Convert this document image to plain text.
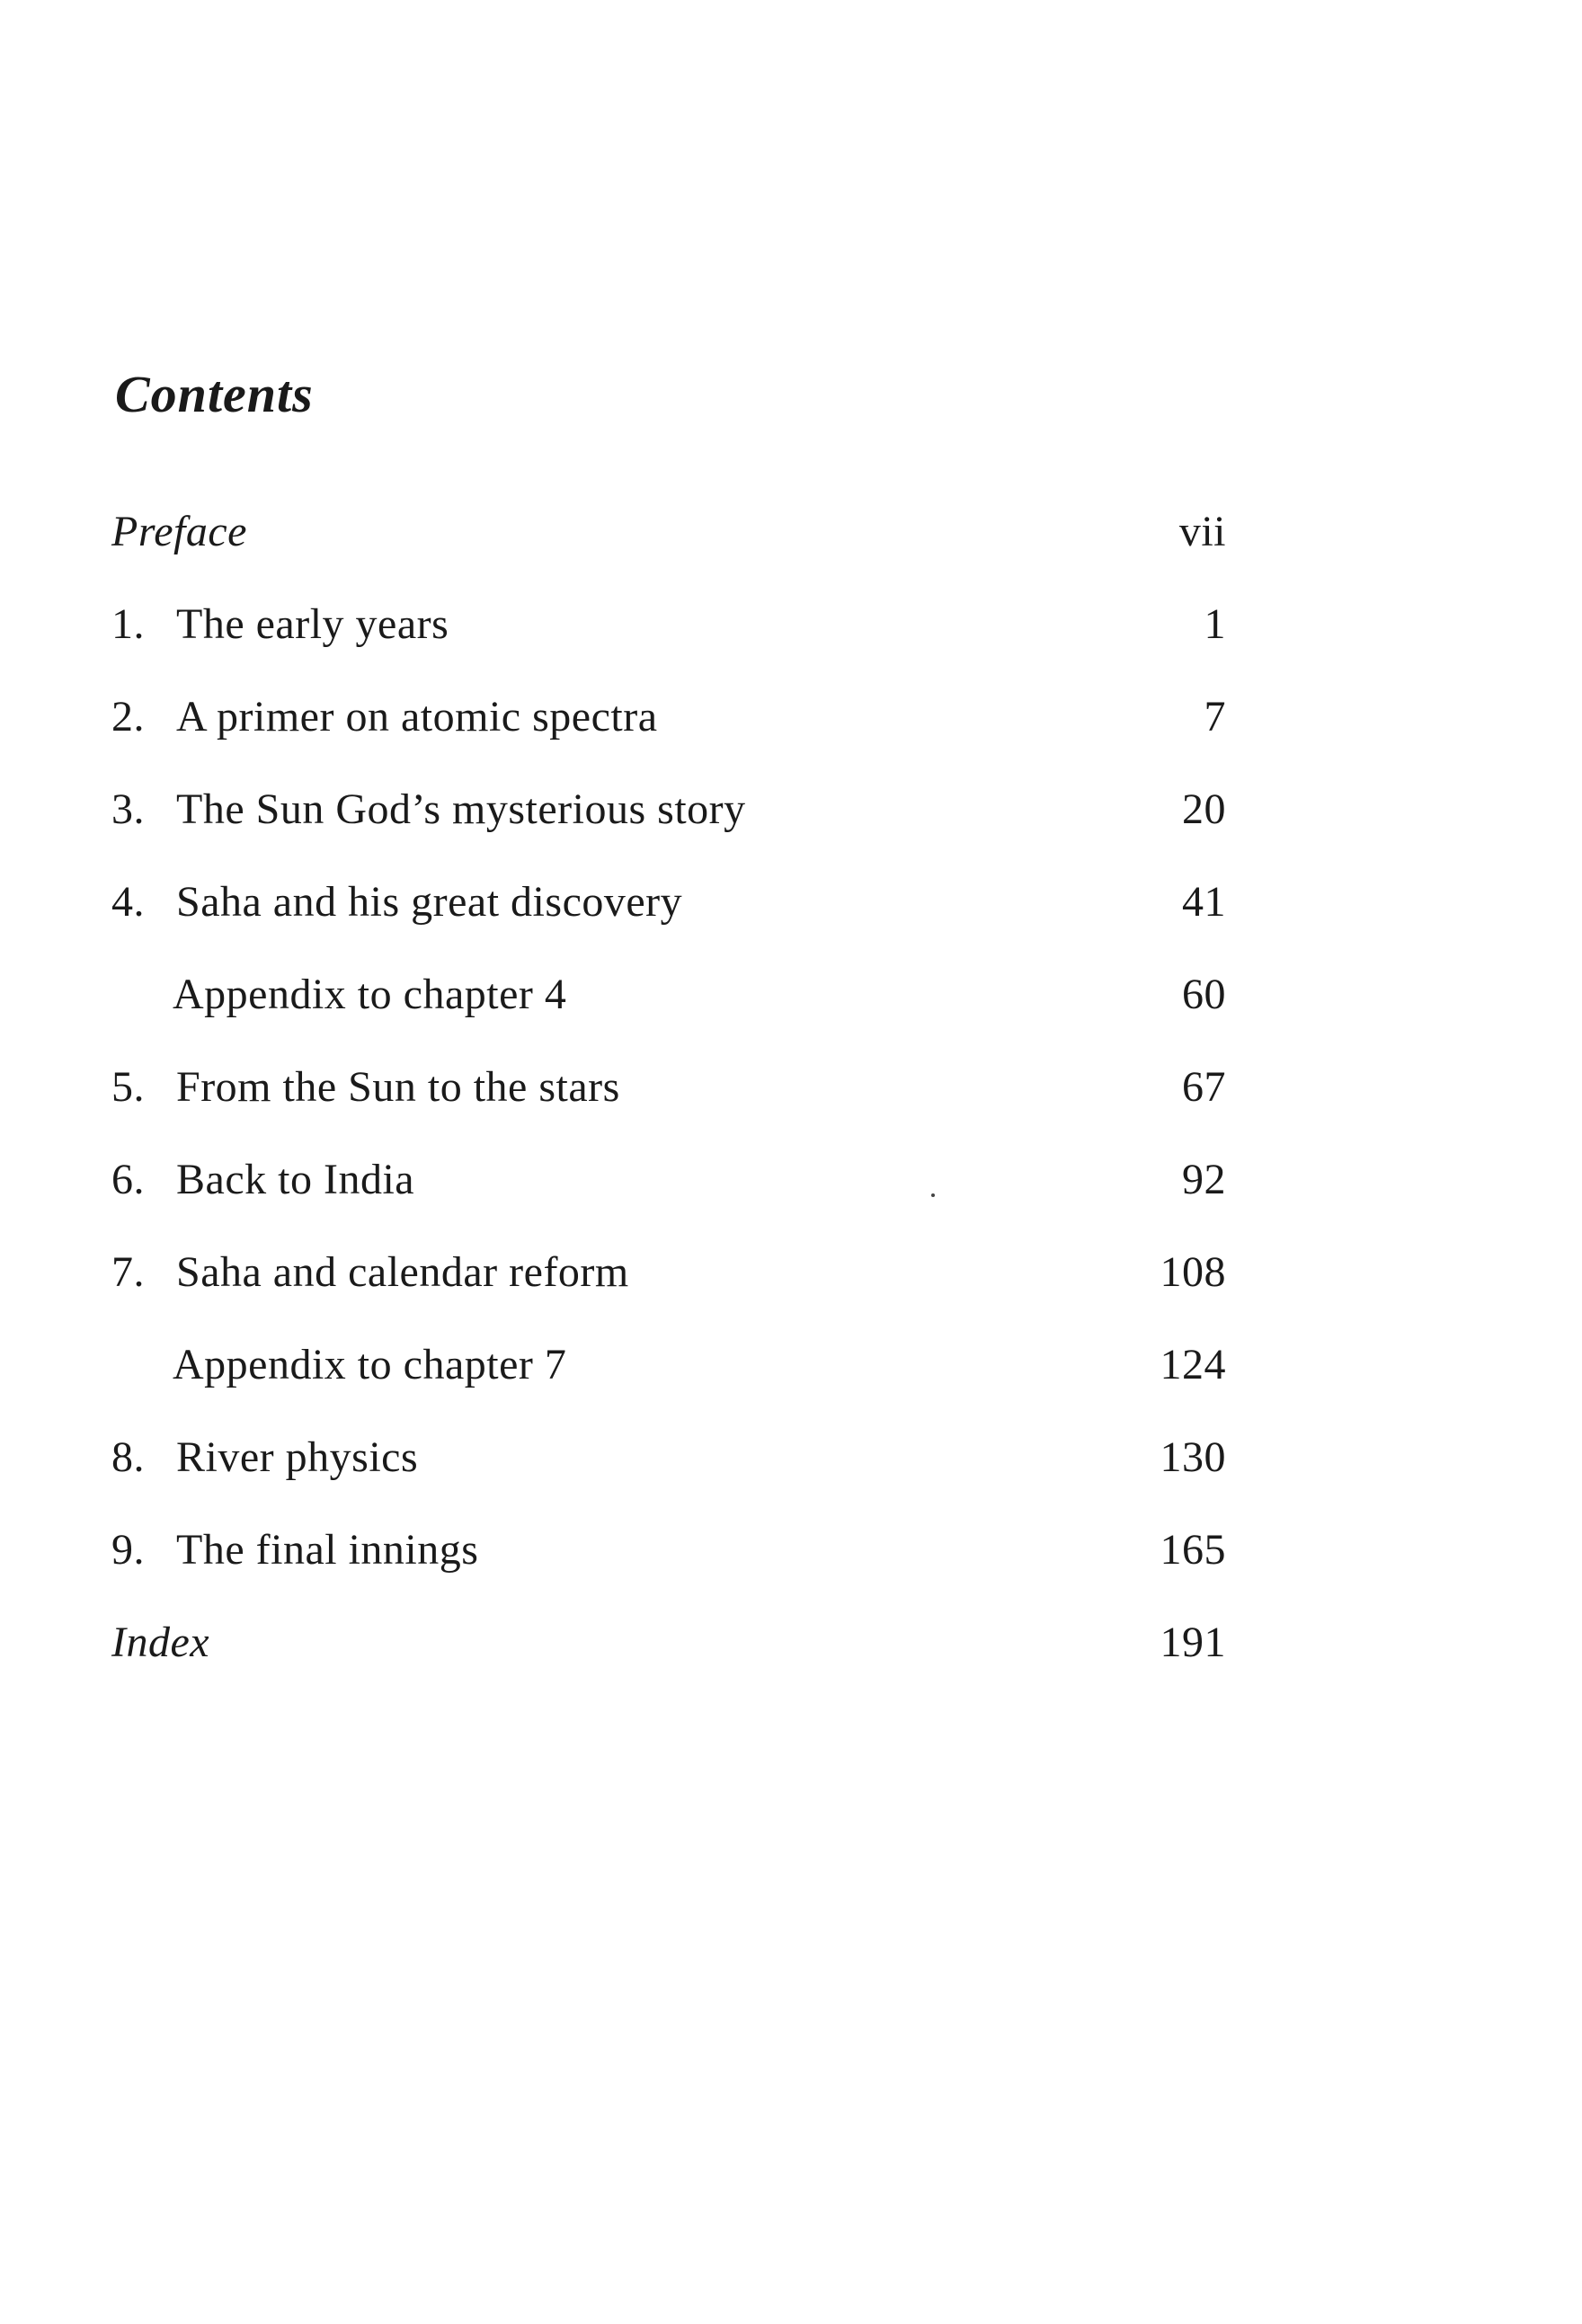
Contents
Preface	vii
1. The early years	1
2. A primer on atomic spectra	7
3. The Sun God’s mysterious story	20
4. Saha and his great discovery	41
Appendix to chapter 4	60
5. From the Sun to the stars	67
6. Back to India	92
7. Saha and calendar reform	108
Appendix to chapter 7	124
8. River physics	130
9. The final innings	165
Index	191
